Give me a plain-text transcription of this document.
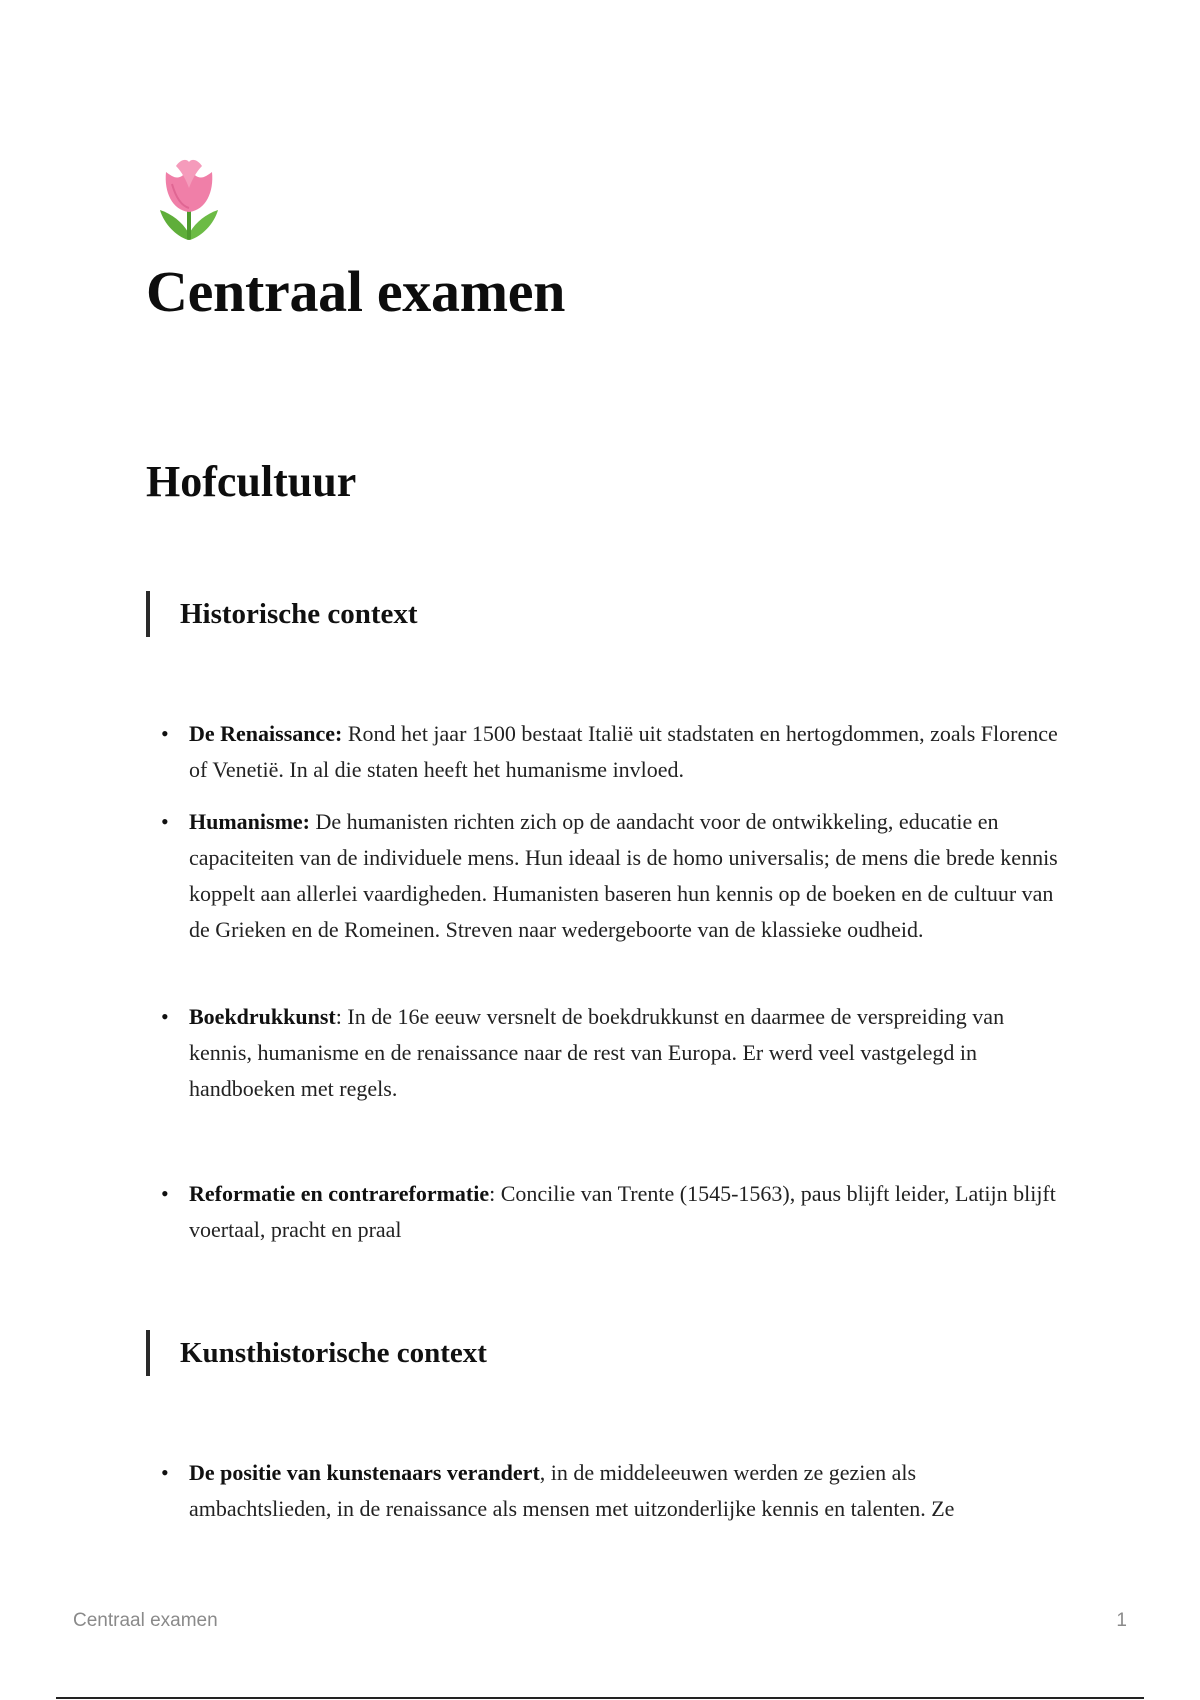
Centraal examen
Hofcultuur
Historische context
• De Renaissance: Rond het jaar 1500 bestaat Italië uit stadstaten en hertogdommen, zoals Florence of Venetië. In al die staten heeft het humanisme invloed.
• Humanisme: De humanisten richten zich op de aandacht voor de ontwikkeling, educatie en capaciteiten van de individuele mens. Hun ideaal is de homo universalis; de mens die brede kennis koppelt aan allerlei vaardigheden. Humanisten baseren hun kennis op de boeken en de cultuur van de Grieken en de Romeinen. Streven naar wedergeboorte van de klassieke oudheid.
• Boekdrukkunst: In de 16e eeuw versnelt de boekdrukkunst en daarmee de verspreiding van kennis, humanisme en de renaissance naar de rest van Europa. Er werd veel vastgelegd in handboeken met regels.
• Reformatie en contrareformatie: Concilie van Trente (1545-1563), paus blijft leider, Latijn blijft voertaal, pracht en praal
Kunsthistorische context
• De positie van kunstenaars verandert, in de middeleeuwen werden ze gezien als ambachtslieden, in de renaissance als mensen met uitzonderlijke kennis en talenten. Ze
Centraal examen	1
